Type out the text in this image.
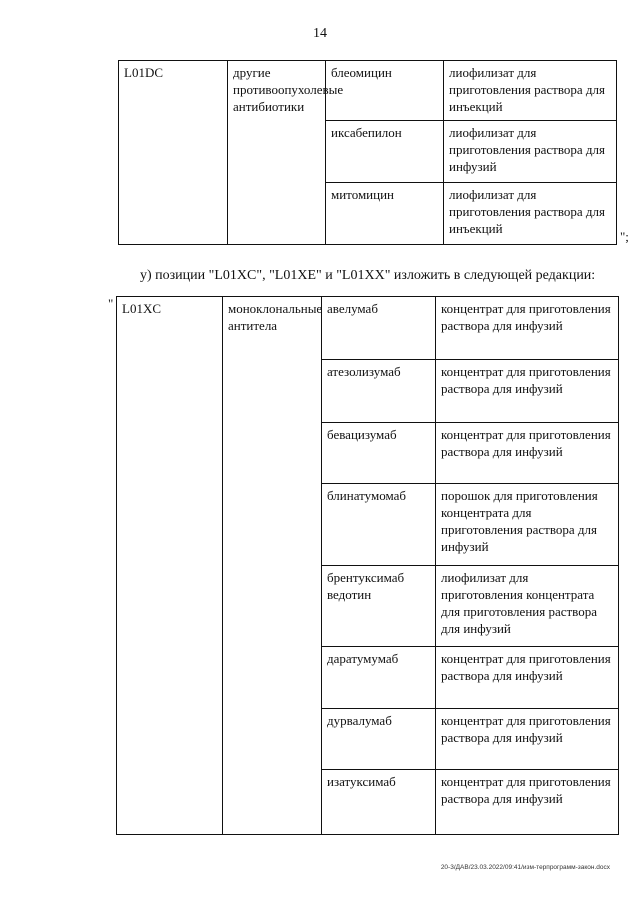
14
L01DC	другие противоопухолевые антибиотики	блеомицин	лиофилизат для приготовления раствора для инъекций
		иксабепилон	лиофилизат для приготовления раствора для инфузий
		митомицин	лиофилизат для приготовления раствора для инъекций
";
у) позиции "L01XC", "L01XE" и "L01XX" изложить в следующей редакции:
" L01XC	моноклональные антитела	авелумаб	концентрат для приготовления раствора для инфузий
		атезолизумаб	концентрат для приготовления раствора для инфузий
		бевацизумаб	концентрат для приготовления раствора для инфузий
		блинатумомаб	порошок для приготовления концентрата для приготовления раствора для инфузий
		брентуксимаб ведотин	лиофилизат для приготовления концентрата для приготовления раствора для инфузий
		даратумумаб	концентрат для приготовления раствора для инфузий
		дурвалумаб	концентрат для приготовления раствора для инфузий
		изатуксимаб	концентрат для приготовления раствора для инфузий
20-3/ДАВ/23.03.2022/09:41/изм-терпрограмм-закон.docx
